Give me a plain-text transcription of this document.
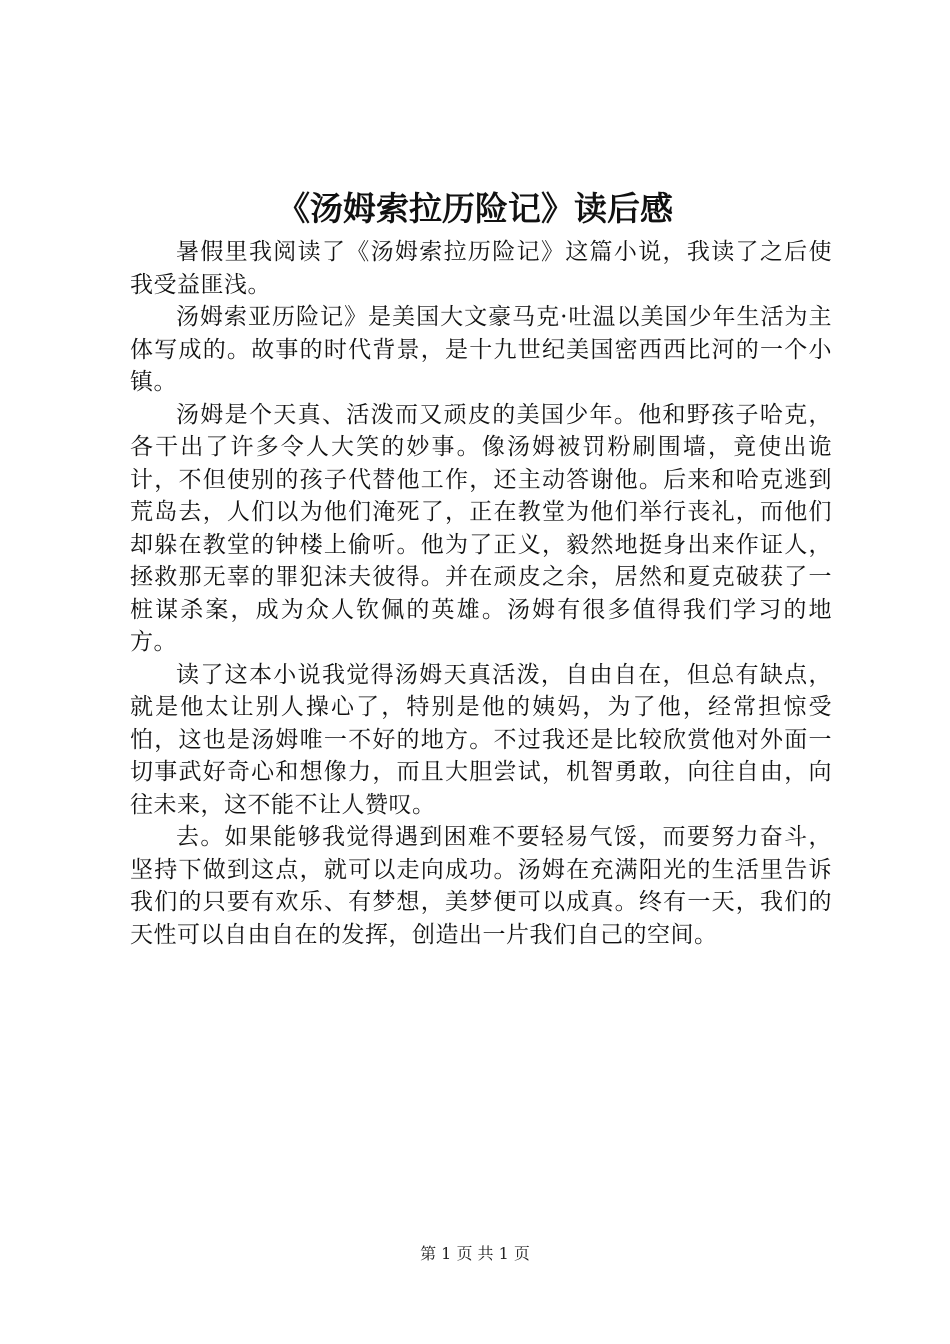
《汤姆索拉历险记》读后感

暑假里我阅读了《汤姆索拉历险记》这篇小说，我读了之后使我受益匪浅。

汤姆索亚历险记》是美国大文豪马克·吐温以美国少年生活为主体写成的。故事的时代背景，是十九世纪美国密西西比河的一个小镇。

汤姆是个天真、活泼而又顽皮的美国少年。他和野孩子哈克，各干出了许多令人大笑的妙事。像汤姆被罚粉刷围墙，竟使出诡计，不但使别的孩子代替他工作，还主动答谢他。后来和哈克逃到荒岛去，人们以为他们淹死了，正在教堂为他们举行丧礼，而他们却躲在教堂的钟楼上偷听。他为了正义，毅然地挺身出来作证人，拯救那无辜的罪犯沫夫彼得。并在顽皮之余，居然和夏克破获了一桩谋杀案，成为众人钦佩的英雄。汤姆有很多值得我们学习的地方。

读了这本小说我觉得汤姆天真活泼，自由自在，但总有缺点，就是他太让别人操心了，特别是他的姨妈，为了他，经常担惊受怕，这也是汤姆唯一不好的地方。不过我还是比较欣赏他对外面一切事武好奇心和想像力，而且大胆尝试，机智勇敢，向往自由，向往未来，这不能不让人赞叹。

去。如果能够我觉得遇到困难不要轻易气馁，而要努力奋斗，坚持下做到这点，就可以走向成功。汤姆在充满阳光的生活里告诉我们的只要有欢乐、有梦想，美梦便可以成真。终有一天，我们的天性可以自由自在的发挥，创造出一片我们自己的空间。

第 1 页 共 1 页
